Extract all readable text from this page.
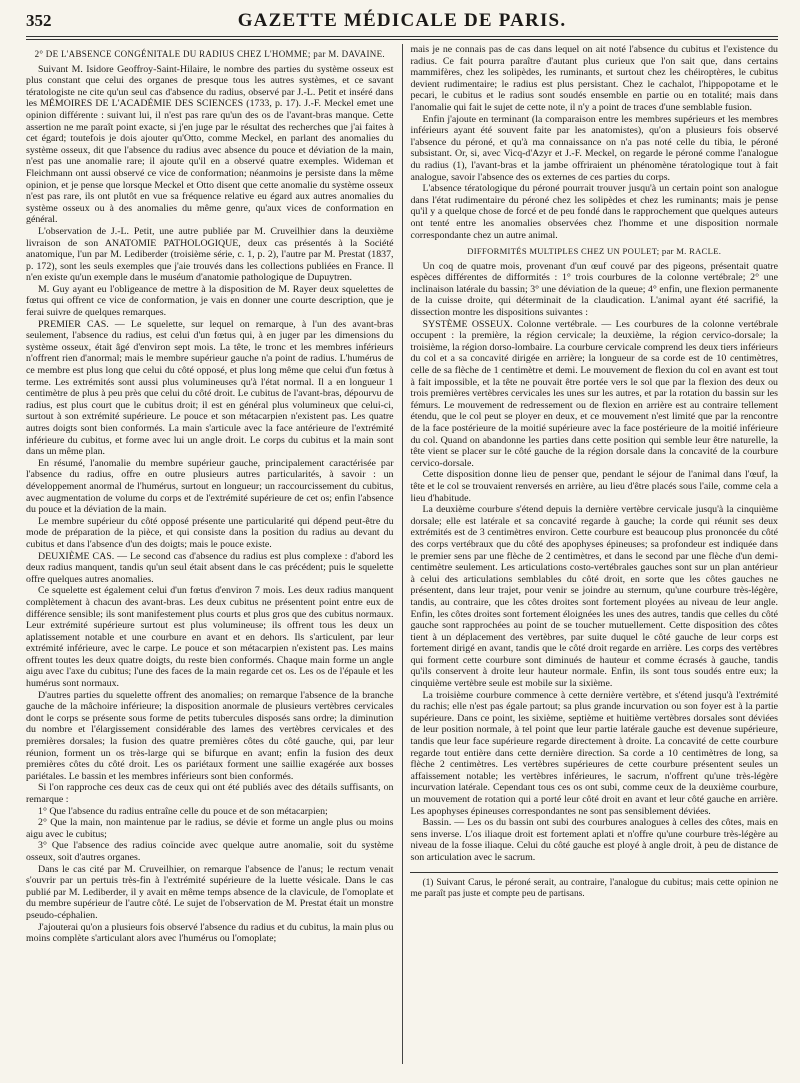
352	GAZETTE MÉDICALE DE PARIS.

2° DE L'ABSENCE CONGÉNITALE DU RADIUS CHEZ L'HOMME; par M. DAVAINE.

Suivant M. Isidore Geoffroy-Saint-Hilaire, le nombre des parties du système osseux est plus constant que celui des organes de presque tous les autres systèmes, et ce savant tératologiste ne cite qu'un seul cas d'absence du radius, observé par J.-L. Petit et inséré dans les MÉMOIRES DE L'ACADÉMIE DES SCIENCES (1733, p. 17). J.-F. Meckel emet une opinion différente : suivant lui, il n'est pas rare qu'un des os de l'avant-bras manque. Cette assertion ne me paraît point exacte, si j'en juge par le résultat des recherches que j'ai faites à cet égard; toutefois je dois ajouter qu'Otto, comme Meckel, en parlant des anomalies du système osseux, dit que l'absence du radius avec absence du pouce et déviation de la main, n'est pas une anomalie rare; il ajoute qu'il en a observé quatre exemples. Wideman et Fleichmann ont aussi observé ce vice de conformation; néanmoins je persiste dans la même opinion, et je pense que lorsque Meckel et Otto disent que cette anomalie du système osseux n'est pas rare, ils ont plutôt en vue sa fréquence relative eu égard aux autres anomalies du système osseux ou à des anomalies du même genre, qu'aux vices de conformation en général.

L'observation de J.-L. Petit, une autre publiée par M. Cruveilhier dans la deuxième livraison de son ANATOMIE PATHOLOGIQUE, deux cas présentés à la Société anatomique, l'un par M. Lediberder (troisième série, c. 1, p. 2), l'autre par M. Prestat (1837, p. 172), sont les seuls exemples que j'aie trouvés dans les collections publiées en France. Il n'en existe qu'un exemple dans le muséum d'anatomie pathologique de Dupuytren.

M. Guy ayant eu l'obligeance de mettre à la disposition de M. Rayer deux squelettes de fœtus qui offrent ce vice de conformation, je vais en donner une courte description, que je ferai suivre de quelques remarques.

PREMIER CAS. — Le squelette, sur lequel on remarque, à l'un des avant-bras seulement, l'absence du radius, est celui d'un fœtus qui, à en juger par les dimensions du système osseux, était âgé d'environ sept mois. La tête, le tronc et les membres inférieurs n'offrent rien d'anormal; mais le membre supérieur gauche n'a point de radius. L'humérus de ce membre est plus long que celui du côté opposé, et plus long même que celui d'un fœtus à terme. Les extrémités sont aussi plus volumineuses qu'à l'état normal. Il a en longueur 1 centimètre de plus à peu près que celui du côté droit. Le cubitus de l'avant-bras, dépourvu de radius, est plus court que le cubitus droit; il est en général plus volumineux que celui-ci, surtout à son extrémité supérieure. Le pouce et son métacarpien n'existent pas. Les quatre autres doigts sont bien conformés. La main s'articule avec la face antérieure de l'extrémité inférieure du cubitus, et forme avec lui un angle droit. Le corps du cubitus et la main sont dans un même plan.

En résumé, l'anomalie du membre supérieur gauche, principalement caractérisée par l'absence du radius, offre en outre plusieurs autres particularités, à savoir : un développement anormal de l'humérus, surtout en longueur; un raccourcissement du cubitus, avec augmentation de volume du corps et de l'extrémité supérieure de cet os; enfin l'absence du pouce et la déviation de la main.

Le membre supérieur du côté opposé présente une particularité qui dépend peut-être du mode de préparation de la pièce, et qui consiste dans la position du radius au devant du cubitus et dans l'absence d'un des doigts; mais le pouce existe.

DEUXIÈME CAS. — Le second cas d'absence du radius est plus complexe : d'abord les deux radius manquent, tandis qu'un seul était absent dans le cas précédent; puis le squelette offre quelques autres anomalies.

Ce squelette est également celui d'un fœtus d'environ 7 mois. Les deux radius manquent complètement à chacun des avant-bras. Les deux cubitus ne présentent point entre eux de différence sensible; ils sont manifestement plus courts et plus gros que des cubitus normaux. Leur extrémité supérieure surtout est plus volumineuse; ils offrent tous les deux un aplatissement notable et une courbure en avant et en dehors. Ils s'articulent, par leur extrémité inférieure, avec le carpe. Le pouce et son métacarpien n'existent pas. Les mains offrent toutes les deux quatre doigts, du reste bien conformés. Chaque main forme un angle aigu avec l'axe du cubitus; l'une des faces de la main regarde cet os. Les os de l'épaule et les humérus sont normaux.

D'autres parties du squelette offrent des anomalies; on remarque l'absence de la branche gauche de la mâchoire inférieure; la disposition anormale de plusieurs vertèbres cervicales dont le corps se présente sous forme de petits tubercules disposés sans ordre; la diminution du nombre et l'élargissement considérable des lames des vertèbres cervicales et des premières dorsales; la fusion des quatre premières côtes du côté gauche, qui, par leur réunion, forment un os très-large qui se bifurque en avant; enfin la fusion des deux premières côtes du côté droit. Les os pariétaux forment une saillie exagérée aux bosses pariétales. Le bassin et les membres inférieurs sont bien conformés.

Si l'on rapproche ces deux cas de ceux qui ont été publiés avec des détails suffisants, on remarque :

1° Que l'absence du radius entraîne celle du pouce et de son métacarpien;

2° Que la main, non maintenue par le radius, se dévie et forme un angle plus ou moins aigu avec le cubitus;

3° Que l'absence des radius coïncide avec quelque autre anomalie, soit du système osseux, soit d'autres organes.

Dans le cas cité par M. Cruveilhier, on remarque l'absence de l'anus; le rectum venait s'ouvrir par un pertuis très-fin à l'extrémité supérieure de la luette vésicale. Dans le cas publié par M. Lediberder, il y avait en même temps absence de la clavicule, de l'omoplate et du membre supérieur de l'autre côté. Le sujet de l'observation de M. Prestat était un monstre pseudo-céphalien.

J'ajouterai qu'on a plusieurs fois observé l'absence du radius et du cubitus, la main plus ou moins complète s'articulant alors avec l'humérus ou l'omoplate;

mais je ne connais pas de cas dans lequel on ait noté l'absence du cubitus et l'existence du radius. Ce fait pourra paraître d'autant plus curieux que l'on sait que, dans certains mammifères, chez les solipèdes, les ruminants, et surtout chez les chéiroptères, le cubitus devient rudimentaire; le radius est plus persistant. Chez le cachalot, l'hippopotame et le pecari, le cubitus et le radius sont soudés ensemble en partie ou en totalité; mais dans l'anomalie qui fait le sujet de cette note, il n'y a point de traces d'une semblable fusion.

Enfin j'ajoute en terminant (la comparaison entre les membres supérieurs et les membres inférieurs ayant été souvent faite par les anatomistes), qu'on a plusieurs fois observé l'absence du péroné, et qu'à ma connaissance on n'a pas noté celle du tibia, le péroné subsistant. Or, si, avec Vicq-d'Azyr et J.-F. Meckel, on regarde le péroné comme l'analogue du radius (1), l'avant-bras et la jambe offriraient un phénomène tératologique tout à fait analogue, savoir l'absence des os externes de ces parties du corps.

L'absence tératologique du péroné pourrait trouver jusqu'à un certain point son analogue dans l'état rudimentaire du péroné chez les solipèdes et chez les ruminants; mais je pense qu'il y a quelque chose de forcé et de peu fondé dans le rapprochement que quelques auteurs ont tenté entre les anomalies observées chez l'homme et une disposition normale correspondante chez un autre animal.

DIFFORMITÉS MULTIPLES CHEZ UN POULET; par M. RACLE.

Un coq de quatre mois, provenant d'un œuf couvé par des pigeons, présentait quatre espèces différentes de difformités : 1° trois courbures de la colonne vertébrale; 2° une inclinaison latérale du bassin; 3° une déviation de la queue; 4° enfin, une flexion permanente de la cuisse droite, qui déterminait de la claudication. L'animal ayant été sacrifié, la dissection montre les dispositions suivantes :

SYSTÈME OSSEUX. Colonne vertébrale. — Les courbures de la colonne vertébrale occupent : la première, la région cervicale; la deuxième, la région cervico-dorsale; la troisième, la région dorso-lombaire. La courbure cervicale comprend les deux tiers inférieurs du col et a sa concavité dirigée en arrière; la longueur de sa corde est de 10 centimètres, celle de sa flèche de 1 centimètre et demi. Le mouvement de flexion du col en avant est tout à fait impossible, et la tête ne pouvait être portée vers le sol que par la flexion des deux ou trois premières vertèbres cervicales les unes sur les autres, et par la rotation du bassin sur les fémurs. Le mouvement de redressement ou de flexion en arrière est au contraire tellement étendu, que le col peut se ployer en deux, et ce mouvement n'est limité que par la rencontre de la face postérieure de la moitié supérieure avec la face postérieure de la moitié inférieure du col. Quand on abandonne les parties dans cette position qui semble leur être naturelle, la tête vient se placer sur le côté gauche de la région dorsale dans la concavité de la courbure cervico-dorsale.

Cette disposition donne lieu de penser que, pendant le séjour de l'animal dans l'œuf, la tête et le col se trouvaient renversés en arrière, au lieu d'être placés sous l'aile, comme cela a lieu d'habitude.

La deuxième courbure s'étend depuis la dernière vertèbre cervicale jusqu'à la cinquième dorsale; elle est latérale et sa concavité regarde à gauche; la corde qui réunit ses deux extrémités est de 3 centimètres environ. Cette courbure est beaucoup plus prononcée du côté des corps vertébraux que du côté des apophyses épineuses; sa profondeur est indiquée dans le premier sens par une flèche de 2 centimètres, et dans le second par une flèche d'un demi-centimètre seulement. Les articulations costo-vertébrales gauches sont sur un plan antérieur à celui des articulations semblables du côté droit, en sorte que les côtes gauches ne présentent, dans leur trajet, pour venir se joindre au sternum, qu'une courbure très-légère, tandis, au contraire, que les côtes droites sont fortement ployées au niveau de leur angle. Enfin, les côtes droites sont fortement éloignées les unes des autres, tandis que celles du côté gauche sont rapprochées au point de se toucher mutuellement. Cette disposition des côtes tient à un déplacement des vertèbres, par suite duquel le côté gauche de leur corps est fortement dirigé en avant, tandis que le côté droit regarde en arrière. Les corps des vertèbres qui forment cette courbure sont diminués de hauteur et comme écrasés à gauche, tandis qu'ils conservent à droite leur hauteur normale. Enfin, ils sont tous soudés entre eux; la cinquième vertèbre seule est mobile sur la sixième.

La troisième courbure commence à cette dernière vertèbre, et s'étend jusqu'à l'extrémité du rachis; elle n'est pas égale partout; sa plus grande incurvation ou son foyer est à la partie supérieure. Dans ce point, les sixième, septième et huitième vertèbres dorsales sont déviées de leur position normale, à tel point que leur partie latérale gauche est devenue supérieure, tandis que leur face supérieure regarde directement à droite. La concavité de cette courbure regarde tout entière dans cette dernière direction. Sa corde a 10 centimètres de long, sa flèche 2 centimètres. Les vertèbres supérieures de cette courbure présentent seules un affaissement notable; les vertèbres inférieures, le sacrum, n'offrent qu'une très-légère incurvation latérale. Cependant tous ces os ont subi, comme ceux de la deuxième courbure, un mouvement de rotation qui a porté leur côté droit en avant et leur côté gauche en arrière. Les apophyses épineuses correspondantes ne sont pas sensiblement déviées.

Bassin. — Les os du bassin ont subi des courbures analogues à celles des côtes, mais en sens inverse. L'os iliaque droit est fortement aplati et n'offre qu'une courbure très-légère au niveau de la fosse iliaque. Celui du côté gauche est ployé à angle droit, à peu de distance de son articulation avec le sacrum.

(1) Suivant Carus, le péroné serait, au contraire, l'analogue du cubitus; mais cette opinion ne me paraît pas juste et compte peu de partisans.
